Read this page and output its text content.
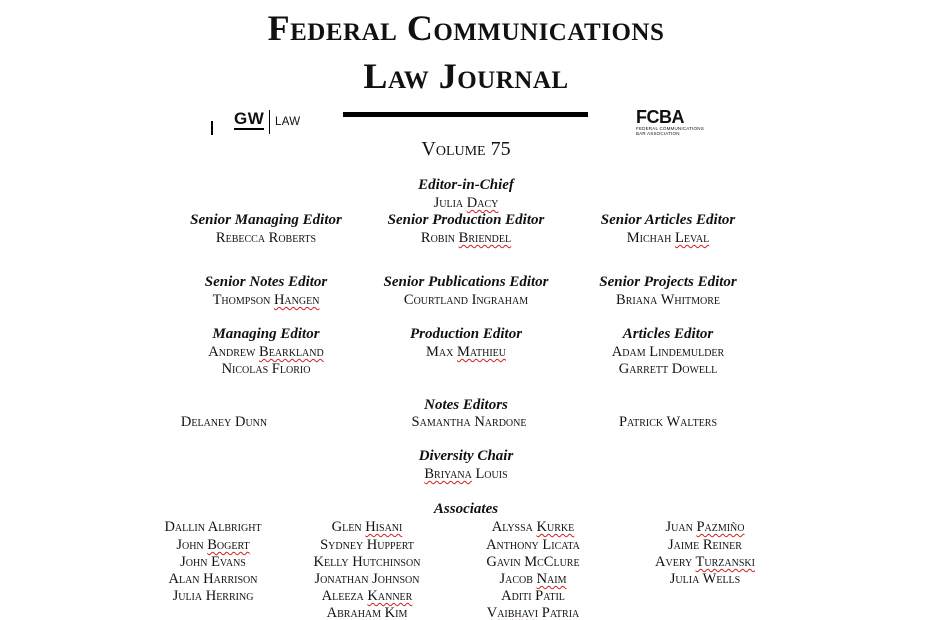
Federal Communications
Law Journal
GW LAW	FCBA
FEDERAL COMMUNICATIONS
BAR ASSOCIATION
Volume 75
Editor-in-Chief
Julia Dacy
Senior Managing Editor
Rebecca Roberts
Senior Production Editor
Robin Briendel
Senior Articles Editor
Michah Leval
Senior Notes Editor
Thompson Hangen
Senior Publications Editor
Courtland Ingraham
Senior Projects Editor
Briana Whitmore
Managing Editor
Andrew Bearkland
Nicolas Florio
Production Editor
Max Mathieu
Articles Editor
Adam Lindemulder
Garrett Dowell
Notes Editors
Delaney Dunn	Samantha Nardone	Patrick Walters
Diversity Chair
Briyana Louis
Associates
Dallin Albright
John Bogert
John Evans
Alan Harrison
Julia Herring
Glen Hisani
Sydney Huppert
Kelly Hutchinson
Jonathan Johnson
Aleeza Kanner
Abraham Kim
Alyssa Kurke
Anthony Licata
Gavin McClure
Jacob Naim
Aditi Patil
Vaibhavi Patria
Juan Pazmiño
Jaime Reiner
Avery Turzanski
Julia Wells
